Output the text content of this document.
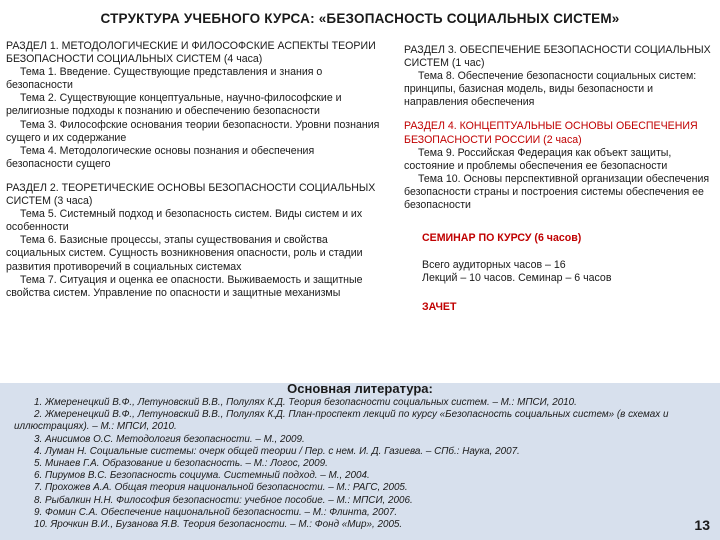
СТРУКТУРА УЧЕБНОГО КУРСА: «БЕЗОПАСНОСТЬ СОЦИАЛЬНЫХ СИСТЕМ»

РАЗДЕЛ 1. МЕТОДОЛОГИЧЕСКИЕ И ФИЛОСОФСКИЕ АСПЕКТЫ ТЕОРИИ БЕЗОПАСНОСТИ СОЦИАЛЬНЫХ СИСТЕМ (4 часа)

Тема 1. Введение. Существующие представления и знания о безопасности

Тема 2. Существующие концептуальные, научно-философские и религиозные подходы к познанию и обеспечению безопасности

Тема 3. Философские основания теории безопасности. Уровни познания сущего и их содержание

Тема 4. Методологические основы познания и обеспечения безопасности сущего

РАЗДЕЛ 2. ТЕОРЕТИЧЕСКИЕ ОСНОВЫ БЕЗОПАСНОСТИ СОЦИАЛЬНЫХ СИСТЕМ (3 часа)

Тема 5. Системный подход и безопасность систем. Виды систем и их особенности

Тема 6. Базисные процессы, этапы существования и свойства социальных систем. Сущность возникновения опасности, роль и стадии развития противоречий в социальных системах

Тема 7. Ситуация и оценка ее опасности. Выживаемость и защитные свойства систем. Управление по опасности и защитные механизмы

РАЗДЕЛ 3. ОБЕСПЕЧЕНИЕ БЕЗОПАСНОСТИ СОЦИАЛЬНЫХ СИСТЕМ (1 час)

Тема 8. Обеспечение безопасности социальных систем: принципы, базисная модель, виды безопасности и направления обеспечения

РАЗДЕЛ 4. КОНЦЕПТУАЛЬНЫЕ ОСНОВЫ ОБЕСПЕЧЕНИЯ БЕЗОПАСНОСТИ РОССИИ (2 часа)

Тема 9. Российская Федерация как объект защиты, состояние и проблемы обеспечения ее безопасности

Тема 10. Основы перспективной организации обеспечения безопасности страны и построения системы обеспечения ее безопасности

СЕМИНАР ПО КУРСУ (6 часов)

Всего аудиторных часов – 16

Лекций – 10 часов. Семинар – 6 часов

ЗАЧЕТ

Основная литература:

1. Жмеренецкий В.Ф., Летуновский В.В., Полулях К.Д. Теория безопасности социальных систем. – М.: МПСИ, 2010.

2. Жмеренецкий В.Ф., Летуновский В.В., Полулях К.Д. План-проспект лекций по курсу «Безопасность социальных систем» (в схемах и иллюстрациях). – М.: МПСИ, 2010.

3. Анисимов О.С. Методология безопасности. – М., 2009.

4. Луман Н. Социальные системы: очерк общей теории / Пер. с нем. И. Д. Газиева. – СПб.: Наука, 2007.

5. Минаев Г.А. Образование и безопасность. – М.: Логос, 2009.

6. Пирумов В.С. Безопасность социума. Системный подход. – М., 2004.

7. Прохожев А.А. Общая теория национальной безопасности. – М.: РАГС, 2005.

8. Рыбалкин Н.Н. Философия безопасности: учебное пособие. – М.: МПСИ, 2006.

9. Фомин С.А. Обеспечение национальной безопасности. – М.: Флинта, 2007.

10. Ярочкин В.И., Бузанова Я.В. Теория безопасности. – М.: Фонд «Мир», 2005.	13
